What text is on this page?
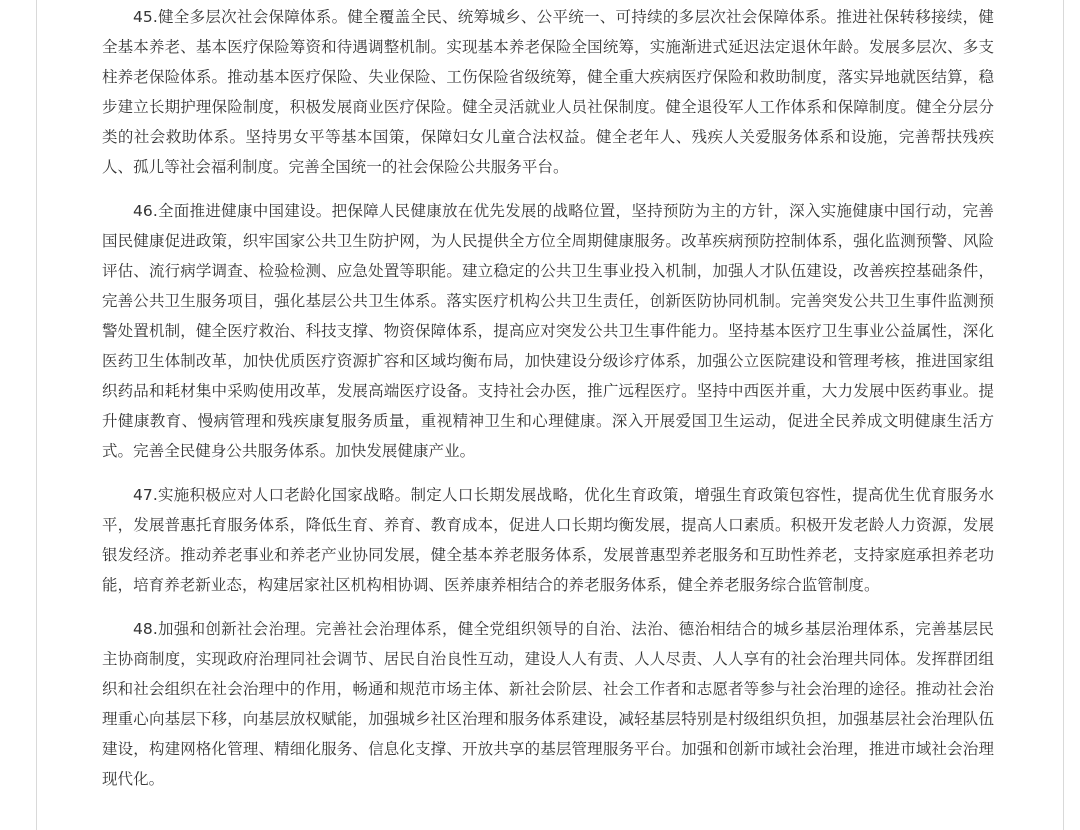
45.健全多层次社会保障体系。健全覆盖全民、统筹城乡、公平统一、可持续的多层次社会保障体系。推进社保转移接续，健全基本养老、基本医疗保险筹资和待遇调整机制。实现基本养老保险全国统筹，实施渐进式延迟法定退休年龄。发展多层次、多支柱养老保险体系。推动基本医疗保险、失业保险、工伤保险省级统筹，健全重大疾病医疗保险和救助制度，落实异地就医结算，稳步建立长期护理保险制度，积极发展商业医疗保险。健全灵活就业人员社保制度。健全退役军人工作体系和保障制度。健全分层分类的社会救助体系。坚持男女平等基本国策，保障妇女儿童合法权益。健全老年人、残疾人关爱服务体系和设施，完善帮扶残疾人、孤儿等社会福利制度。完善全国统一的社会保险公共服务平台。

46.全面推进健康中国建设。把保障人民健康放在优先发展的战略位置，坚持预防为主的方针，深入实施健康中国行动，完善国民健康促进政策，织牢国家公共卫生防护网，为人民提供全方位全周期健康服务。改革疾病预防控制体系，强化监测预警、风险评估、流行病学调查、检验检测、应急处置等职能。建立稳定的公共卫生事业投入机制，加强人才队伍建设，改善疾控基础条件，完善公共卫生服务项目，强化基层公共卫生体系。落实医疗机构公共卫生责任，创新医防协同机制。完善突发公共卫生事件监测预警处置机制，健全医疗救治、科技支撑、物资保障体系，提高应对突发公共卫生事件能力。坚持基本医疗卫生事业公益属性，深化医药卫生体制改革，加快优质医疗资源扩容和区域均衡布局，加快建设分级诊疗体系，加强公立医院建设和管理考核，推进国家组织药品和耗材集中采购使用改革，发展高端医疗设备。支持社会办医，推广远程医疗。坚持中西医并重，大力发展中医药事业。提升健康教育、慢病管理和残疾康复服务质量，重视精神卫生和心理健康。深入开展爱国卫生运动，促进全民养成文明健康生活方式。完善全民健身公共服务体系。加快发展健康产业。

47.实施积极应对人口老龄化国家战略。制定人口长期发展战略，优化生育政策，增强生育政策包容性，提高优生优育服务水平，发展普惠托育服务体系，降低生育、养育、教育成本，促进人口长期均衡发展，提高人口素质。积极开发老龄人力资源，发展银发经济。推动养老事业和养老产业协同发展，健全基本养老服务体系，发展普惠型养老服务和互助性养老，支持家庭承担养老功能，培育养老新业态，构建居家社区机构相协调、医养康养相结合的养老服务体系，健全养老服务综合监管制度。

48.加强和创新社会治理。完善社会治理体系，健全党组织领导的自治、法治、德治相结合的城乡基层治理体系，完善基层民主协商制度，实现政府治理同社会调节、居民自治良性互动，建设人人有责、人人尽责、人人享有的社会治理共同体。发挥群团组织和社会组织在社会治理中的作用，畅通和规范市场主体、新社会阶层、社会工作者和志愿者等参与社会治理的途径。推动社会治理重心向基层下移，向基层放权赋能，加强城乡社区治理和服务体系建设，减轻基层特别是村级组织负担，加强基层社会治理队伍建设，构建网格化管理、精细化服务、信息化支撑、开放共享的基层管理服务平台。加强和创新市域社会治理，推进市域社会治理现代化。
